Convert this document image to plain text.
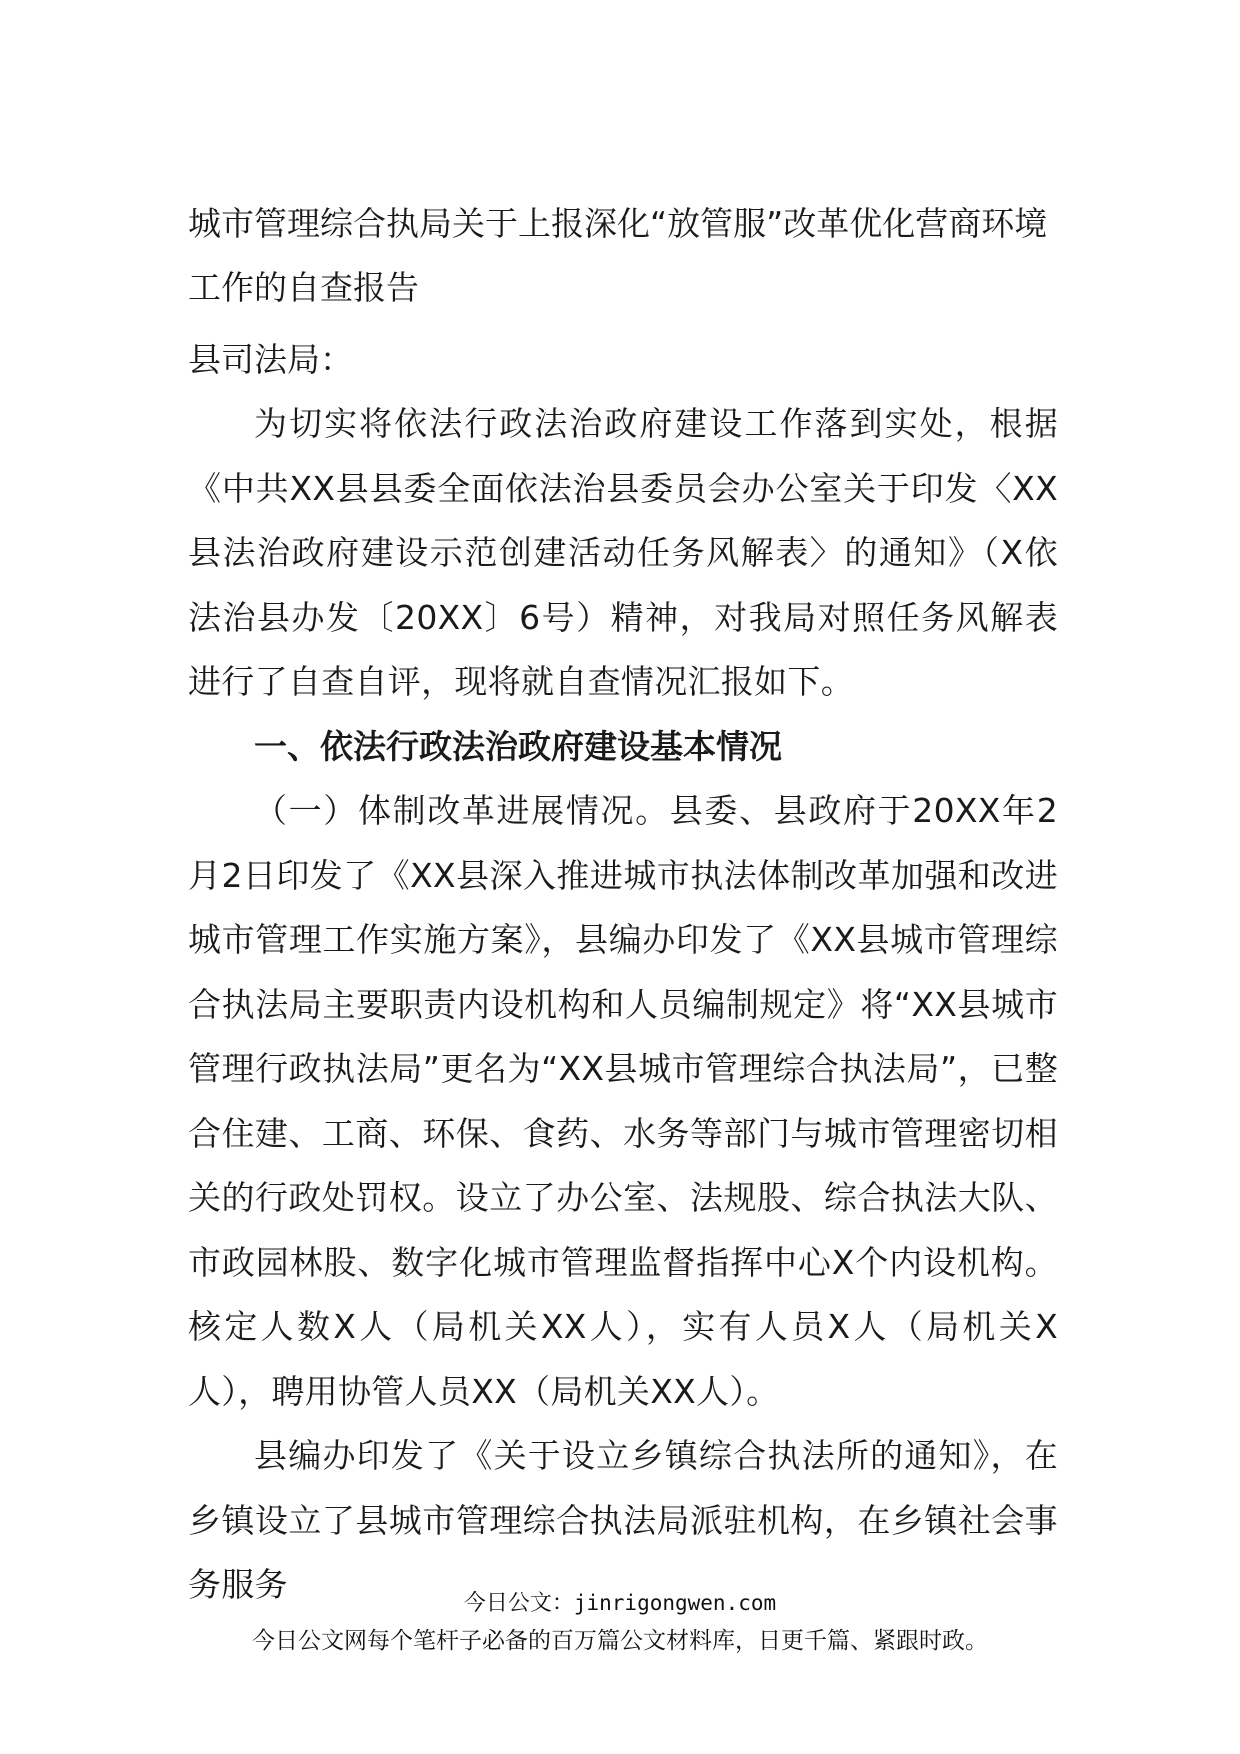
城市管理综合执局关于上报深化“放管服”改革优化营商环境工作的自查报告

县司法局：

为切实将依法行政法治政府建设工作落到实处，根据《中共XX县县委全面依法治县委员会办公室关于印发〈XX县法治政府建设示范创建活动任务风解表〉的通知》（X依法治县办发〔20XX〕6号）精神，对我局对照任务风解表进行了自查自评，现将就自查情况汇报如下。

一、依法行政法治政府建设基本情况

（一）体制改革进展情况。县委、县政府于20XX年2月2日印发了《XX县深入推进城市执法体制改革加强和改进城市管理工作实施方案》，县编办印发了《XX县城市管理综合执法局主要职责内设机构和人员编制规定》将“XX县城市管理行政执法局”更名为“XX县城市管理综合执法局”，已整合住建、工商、环保、食药、水务等部门与城市管理密切相关的行政处罚权。设立了办公室、法规股、综合执法大队、市政园林股、数字化城市管理监督指挥中心X个内设机构。核定人数X人（局机关XX人），实有人员X人（局机关X人），聘用协管人员XX（局机关XX人）。

县编办印发了《关于设立乡镇综合执法所的通知》，在乡镇设立了县城市管理综合执法局派驻机构，在乡镇社会事务服务	今日公文：jinrigongwen.com
今日公文网每个笔杆子必备的百万篇公文材料库，日更千篇、紧跟时政。
